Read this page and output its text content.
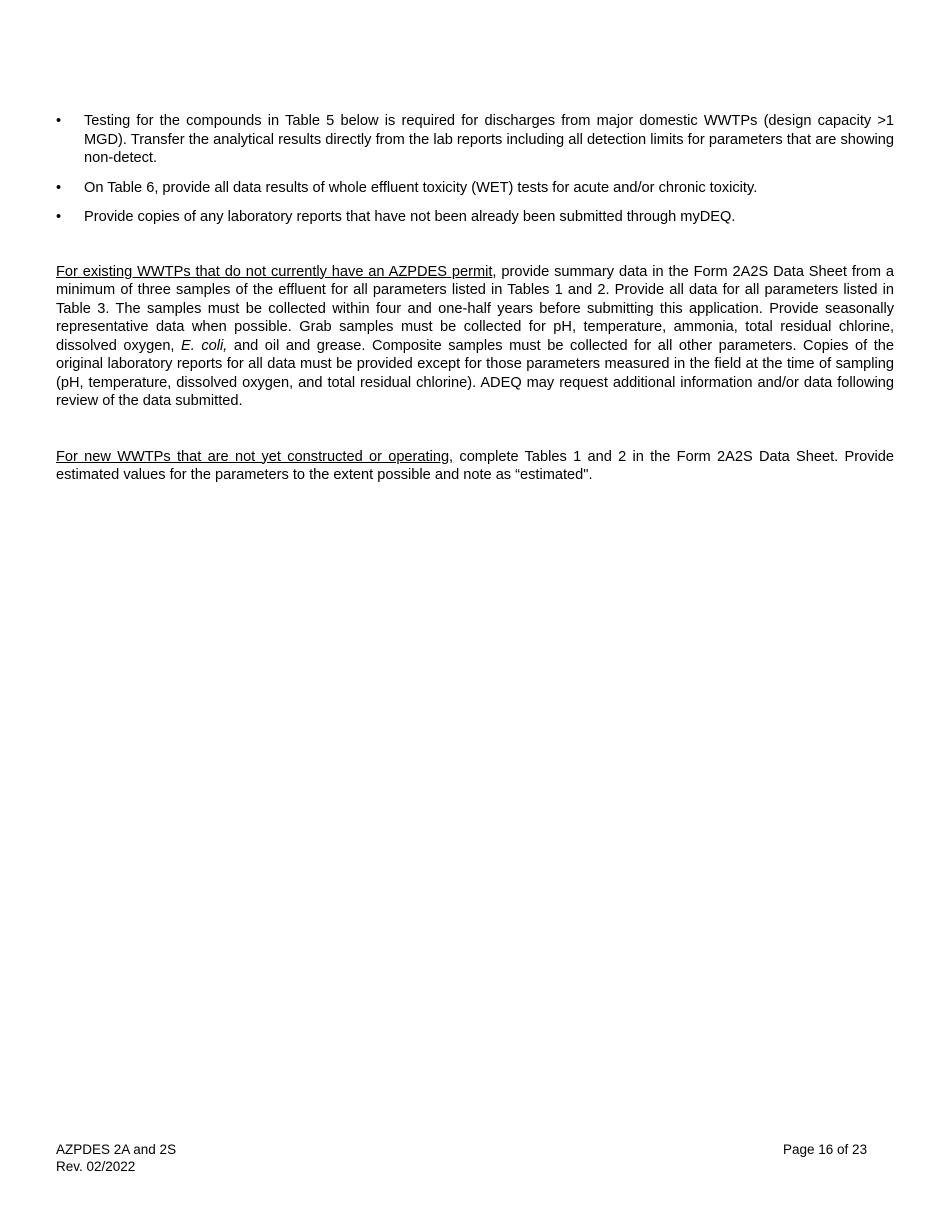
• Testing for the compounds in Table 5 below is required for discharges from major domestic WWTPs (design capacity >1 MGD). Transfer the analytical results directly from the lab reports including all detection limits for parameters that are showing non-detect.
• On Table 6, provide all data results of whole effluent toxicity (WET) tests for acute and/or chronic toxicity.
• Provide copies of any laboratory reports that have not been already been submitted through myDEQ.

For existing WWTPs that do not currently have an AZPDES permit, provide summary data in the Form 2A2S Data Sheet from a minimum of three samples of the effluent for all parameters listed in Tables 1 and 2. Provide all data for all parameters listed in Table 3. The samples must be collected within four and one-half years before submitting this application. Provide seasonally representative data when possible. Grab samples must be collected for pH, temperature, ammonia, total residual chlorine, dissolved oxygen, E. coli, and oil and grease. Composite samples must be collected for all other parameters. Copies of the original laboratory reports for all data must be provided except for those parameters measured in the field at the time of sampling (pH, temperature, dissolved oxygen, and total residual chlorine). ADEQ may request additional information and/or data following review of the data submitted.

For new WWTPs that are not yet constructed or operating, complete Tables 1 and 2 in the Form 2A2S Data Sheet. Provide estimated values for the parameters to the extent possible and note as “estimated".

AZPDES 2A and 2S
Rev. 02/2022
Page 16 of 23
